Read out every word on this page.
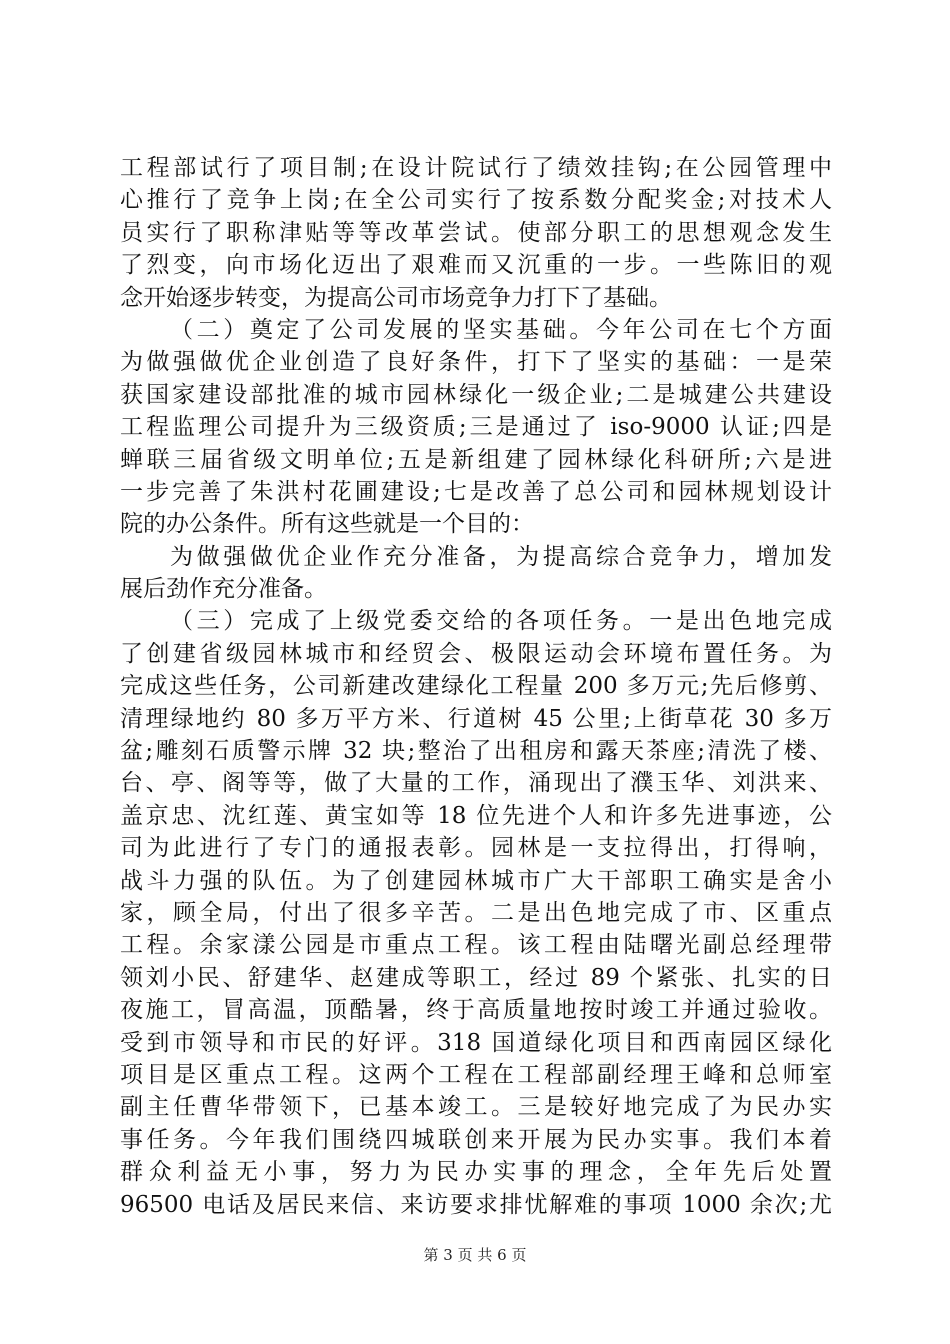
工程部试行了项目制;在设计院试行了绩效挂钩;在公园管理中
心推行了竞争上岗;在全公司实行了按系数分配奖金;对技术人
员实行了职称津贴等等改革尝试。使部分职工的思想观念发生
了烈变，向市场化迈出了艰难而又沉重的一步。一些陈旧的观
念开始逐步转变，为提高公司市场竞争力打下了基础。
（二）奠定了公司发展的坚实基础。今年公司在七个方面
为做强做优企业创造了良好条件，打下了坚实的基础：一是荣
获国家建设部批准的城市园林绿化一级企业;二是城建公共建设
工程监理公司提升为三级资质;三是通过了 iso-9000 认证;四是
蝉联三届省级文明单位;五是新组建了园林绿化科研所;六是进
一步完善了朱洪村花圃建设;七是改善了总公司和园林规划设计
院的办公条件。所有这些就是一个目的：
为做强做优企业作充分准备，为提高综合竞争力，增加发
展后劲作充分准备。
（三）完成了上级党委交给的各项任务。一是出色地完成
了创建省级园林城市和经贸会、极限运动会环境布置任务。为
完成这些任务，公司新建改建绿化工程量 200 多万元;先后修剪、
清理绿地约 80 多万平方米、行道树 45 公里;上街草花 30 多万
盆;雕刻石质警示牌 32 块;整治了出租房和露天茶座;清洗了楼、
台、亭、阁等等，做了大量的工作，涌现出了濮玉华、刘洪来、
盖京忠、沈红莲、黄宝如等 18 位先进个人和许多先进事迹，公
司为此进行了专门的通报表彰。园林是一支拉得出，打得响，
战斗力强的队伍。为了创建园林城市广大干部职工确实是舍小
家，顾全局，付出了很多辛苦。二是出色地完成了市、区重点
工程。余家漾公园是市重点工程。该工程由陆曙光副总经理带
领刘小民、舒建华、赵建成等职工，经过 89 个紧张、扎实的日
夜施工，冒高温，顶酷暑，终于高质量地按时竣工并通过验收。
受到市领导和市民的好评。318 国道绿化项目和西南园区绿化
项目是区重点工程。这两个工程在工程部副经理王峰和总师室
副主任曹华带领下，已基本竣工。三是较好地完成了为民办实
事任务。今年我们围绕四城联创来开展为民办实事。我们本着
群众利益无小事，努力为民办实事的理念，全年先后处置
96500 电话及居民来信、来访要求排忧解难的事项 1000 余次;尤
第 3 页 共 6 页
